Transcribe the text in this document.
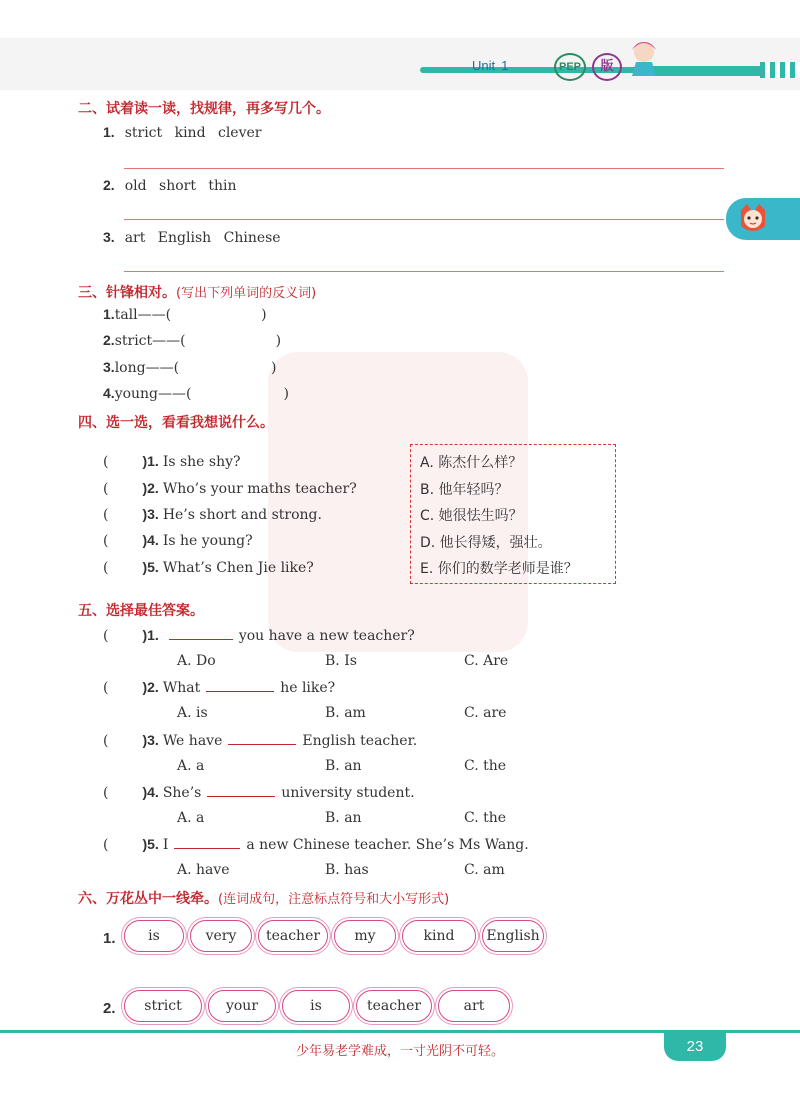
Unit 1	PEP	版
二、试着读一读，找规律，再多写几个。
1. strict kind clever
2. old short thin
3. art English Chinese
三、针锋相对。(写出下列单词的反义词)
1.tall——(	)
2.strict——(	)
3.long——(	)
4.young——(	)
四、选一选，看看我想说什么。
( )1. Is she shy?
( )2. Who’s your maths teacher?
( )3. He’s short and strong.
( )4. Is he young?
( )5. What’s Chen Jie like?
A. 陈杰什么样？
B. 他年轻吗？
C. 她很怯生吗？
D. 他长得矮，强壮。
E. 你们的数学老师是谁？
五、选择最佳答案。
( )1.	you have a new teacher?
A. Do	B. Is	C. Are
( )2. What	he like?
A. is	B. am	C. are
( )3. We have	English teacher.
A. a	B. an	C. the
( )4. She’s	university student.
A. a	B. an	C. the
( )5. I	a new Chinese teacher. She’s Ms Wang.
A. have	B. has	C. am
六、万花丛中一线牵。(连词成句，注意标点符号和大小写形式)
1.	is	very	teacher	my	kind	English
2.	strict	your	is	teacher	art
少年易老学难成，一寸光阴不可轻。	23
